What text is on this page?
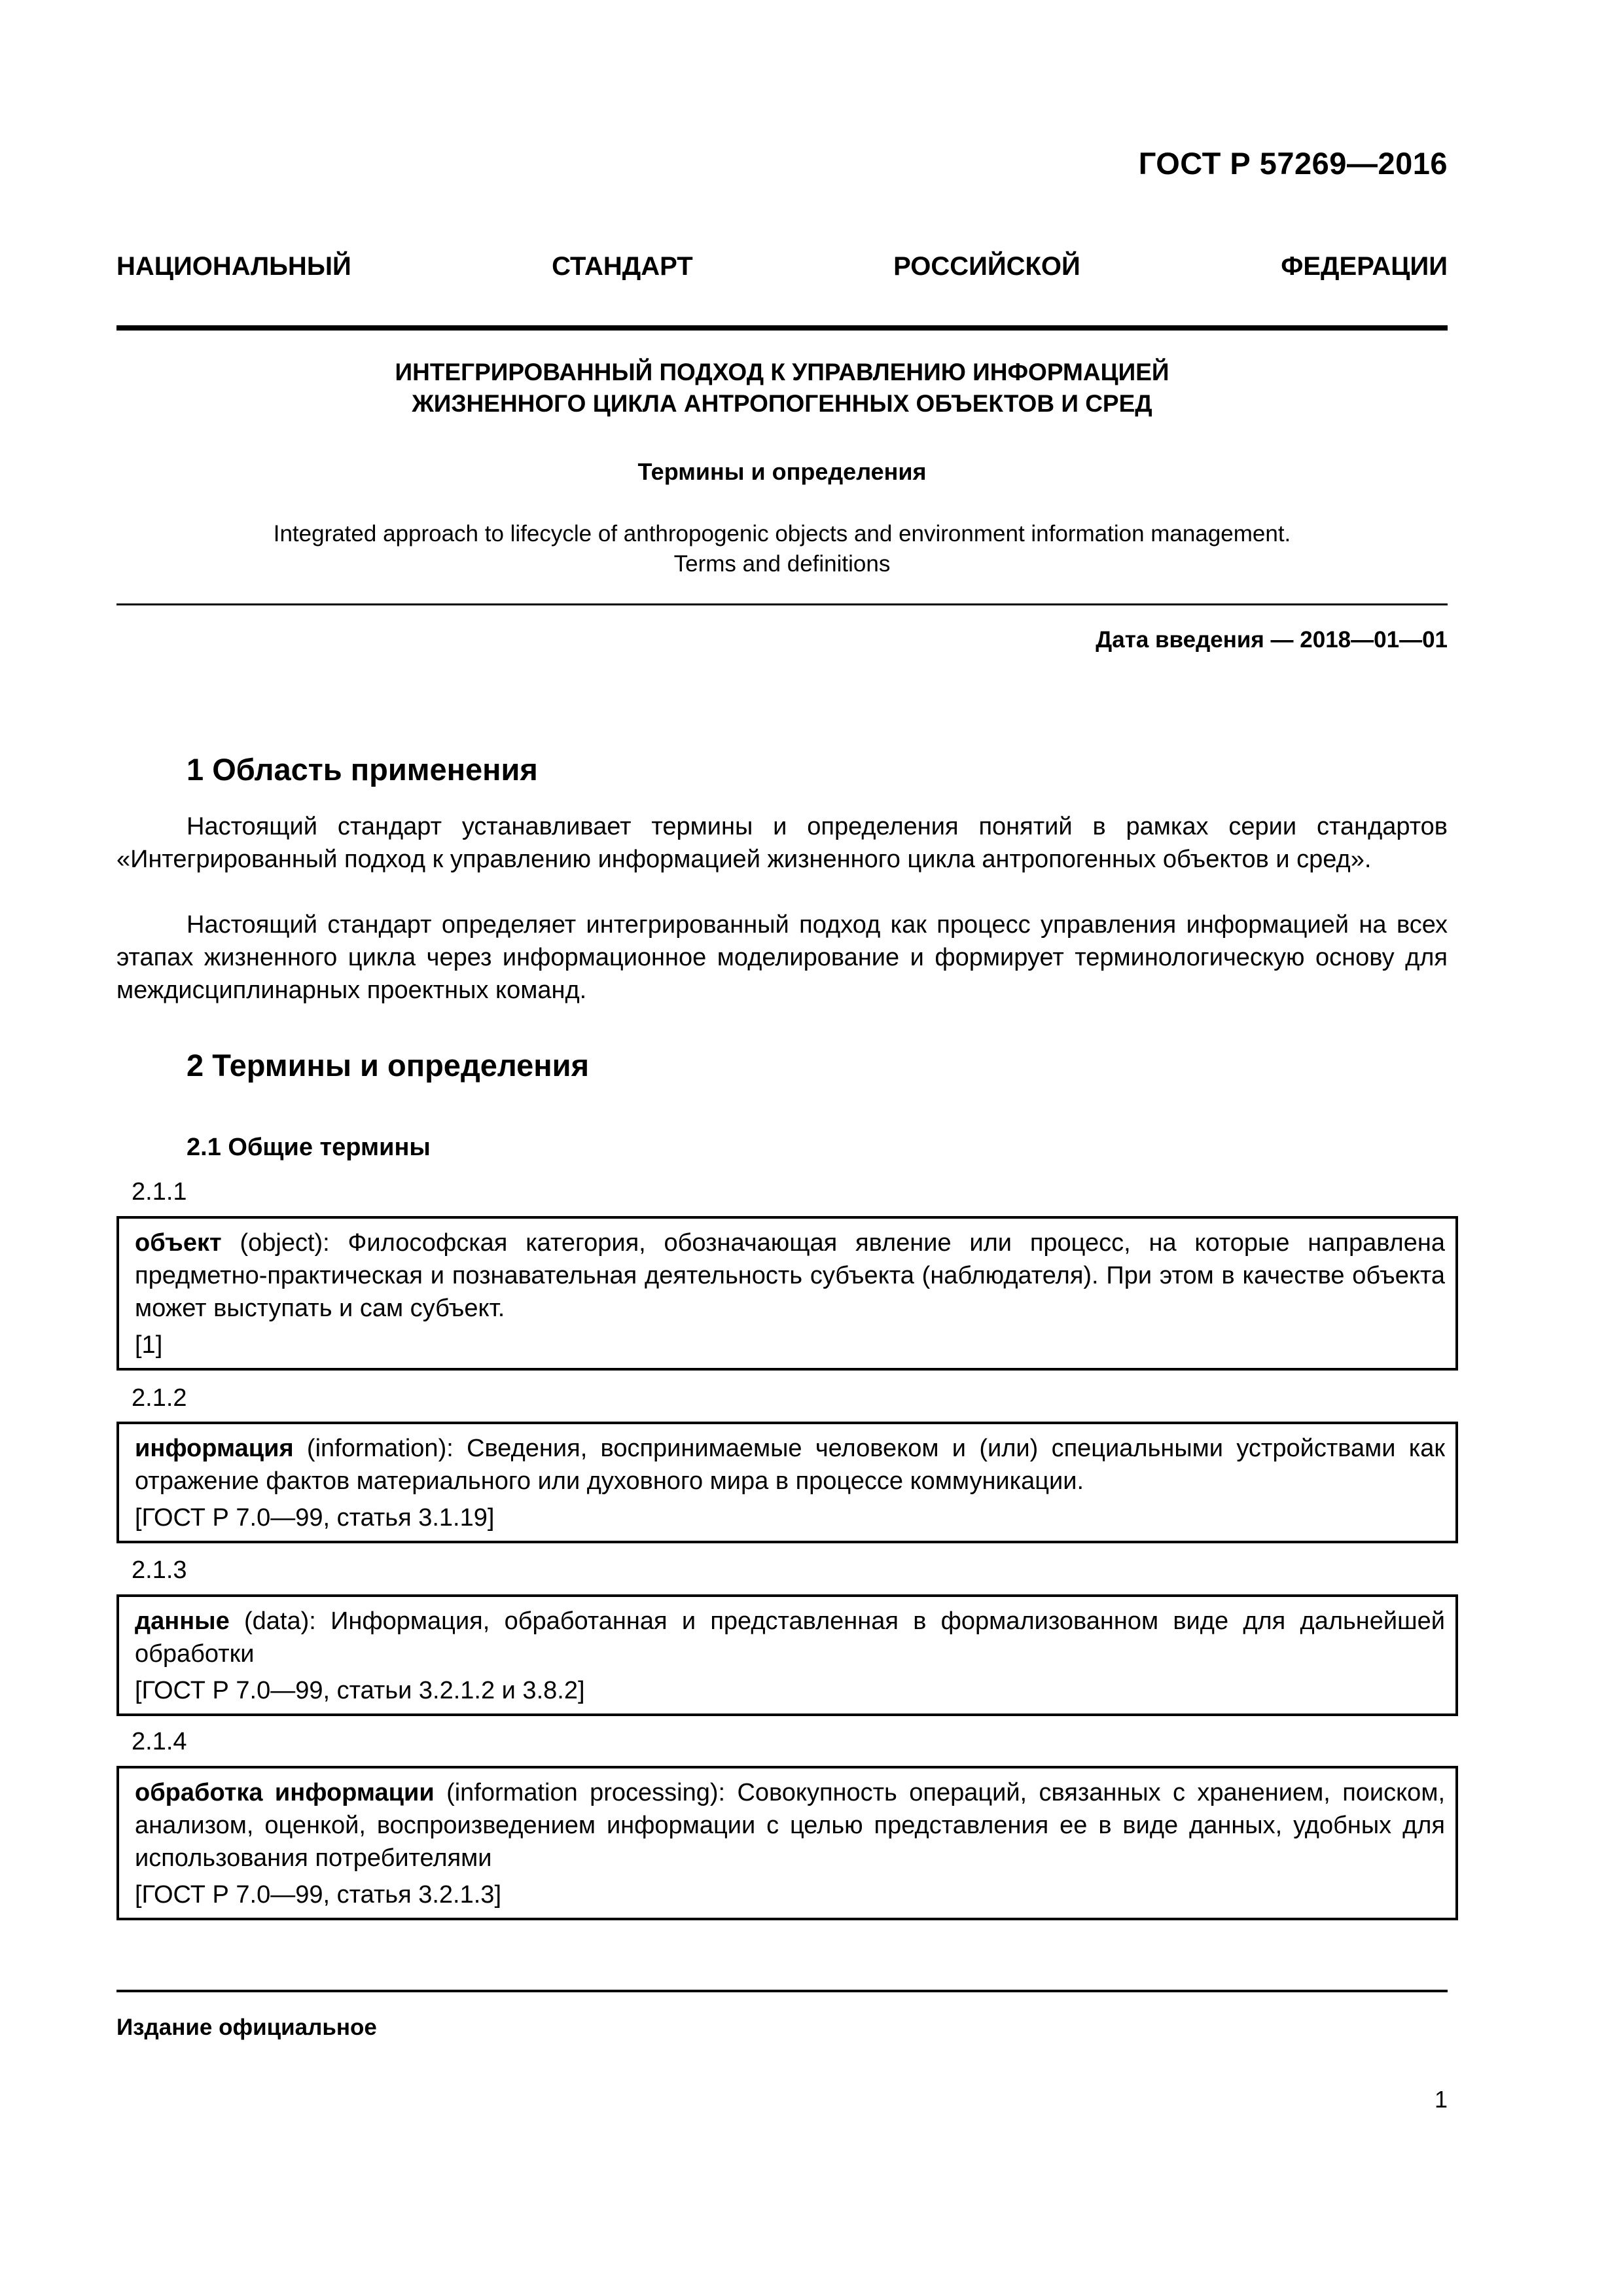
ГОСТ Р 57269—2016
НАЦИОНАЛЬНЫЙ	СТАНДАРТ	РОССИЙСКОЙ	ФЕДЕРАЦИИ
ИНТЕГРИРОВАННЫЙ ПОДХОД К УПРАВЛЕНИЮ ИНФОРМАЦИЕЙ
ЖИЗНЕННОГО ЦИКЛА АНТРОПОГЕННЫХ ОБЪЕКТОВ И СРЕД
Термины и определения
Integrated approach to lifecycle of anthropogenic objects and environment information management.
Terms and definitions
Дата введения — 2018—01—01
1 Область применения
Настоящий стандарт устанавливает термины и определения понятий в рамках серии стандартов «Интегрированный подход к управлению информацией жизненного цикла антропогенных объектов и сред».
Настоящий стандарт определяет интегрированный подход как процесс управления информацией на всех этапах жизненного цикла через информационное моделирование и формирует терминологическую основу для междисциплинарных проектных команд.
2 Термины и определения
2.1 Общие термины
2.1.1
объект (object): Философская категория, обозначающая явление или процесс, на которые направлена предметно-практическая и познавательная деятельность субъекта (наблюдателя). При этом в качестве объекта может выступать и сам субъект.
[1]
2.1.2
информация (information): Сведения, воспринимаемые человеком и (или) специальными устройствами как отражение фактов материального или духовного мира в процессе коммуникации.
[ГОСТ Р 7.0—99, статья 3.1.19]
2.1.3
данные (data): Информация, обработанная и представленная в формализованном виде для дальнейшей обработки
[ГОСТ Р 7.0—99, статьи 3.2.1.2 и 3.8.2]
2.1.4
обработка информации (information processing): Совокупность операций, связанных с хранением, поиском, анализом, оценкой, воспроизведением информации с целью представления ее в виде данных, удобных для использования потребителями
[ГОСТ Р 7.0—99, статья 3.2.1.3]
Издание официальное
1
